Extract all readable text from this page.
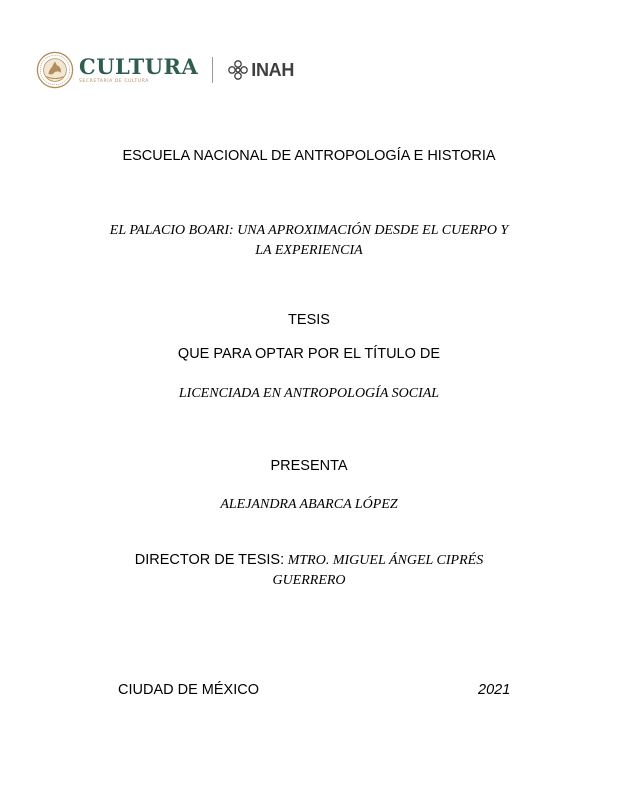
CULTURA
SECRETARÍA DE CULTURA
INAH
ESCUELA NACIONAL DE ANTROPOLOGÍA E HISTORIA
EL PALACIO BOARI: UNA APROXIMACIÓN DESDE EL CUERPO Y
LA EXPERIENCIA
TESIS
QUE PARA OPTAR POR EL TÍTULO DE
LICENCIADA EN ANTROPOLOGÍA SOCIAL
PRESENTA
ALEJANDRA ABARCA LÓPEZ
DIRECTOR DE TESIS: MTRO. MIGUEL ÁNGEL CIPRÉS
GUERRERO
CIUDAD DE MÉXICO	2021
